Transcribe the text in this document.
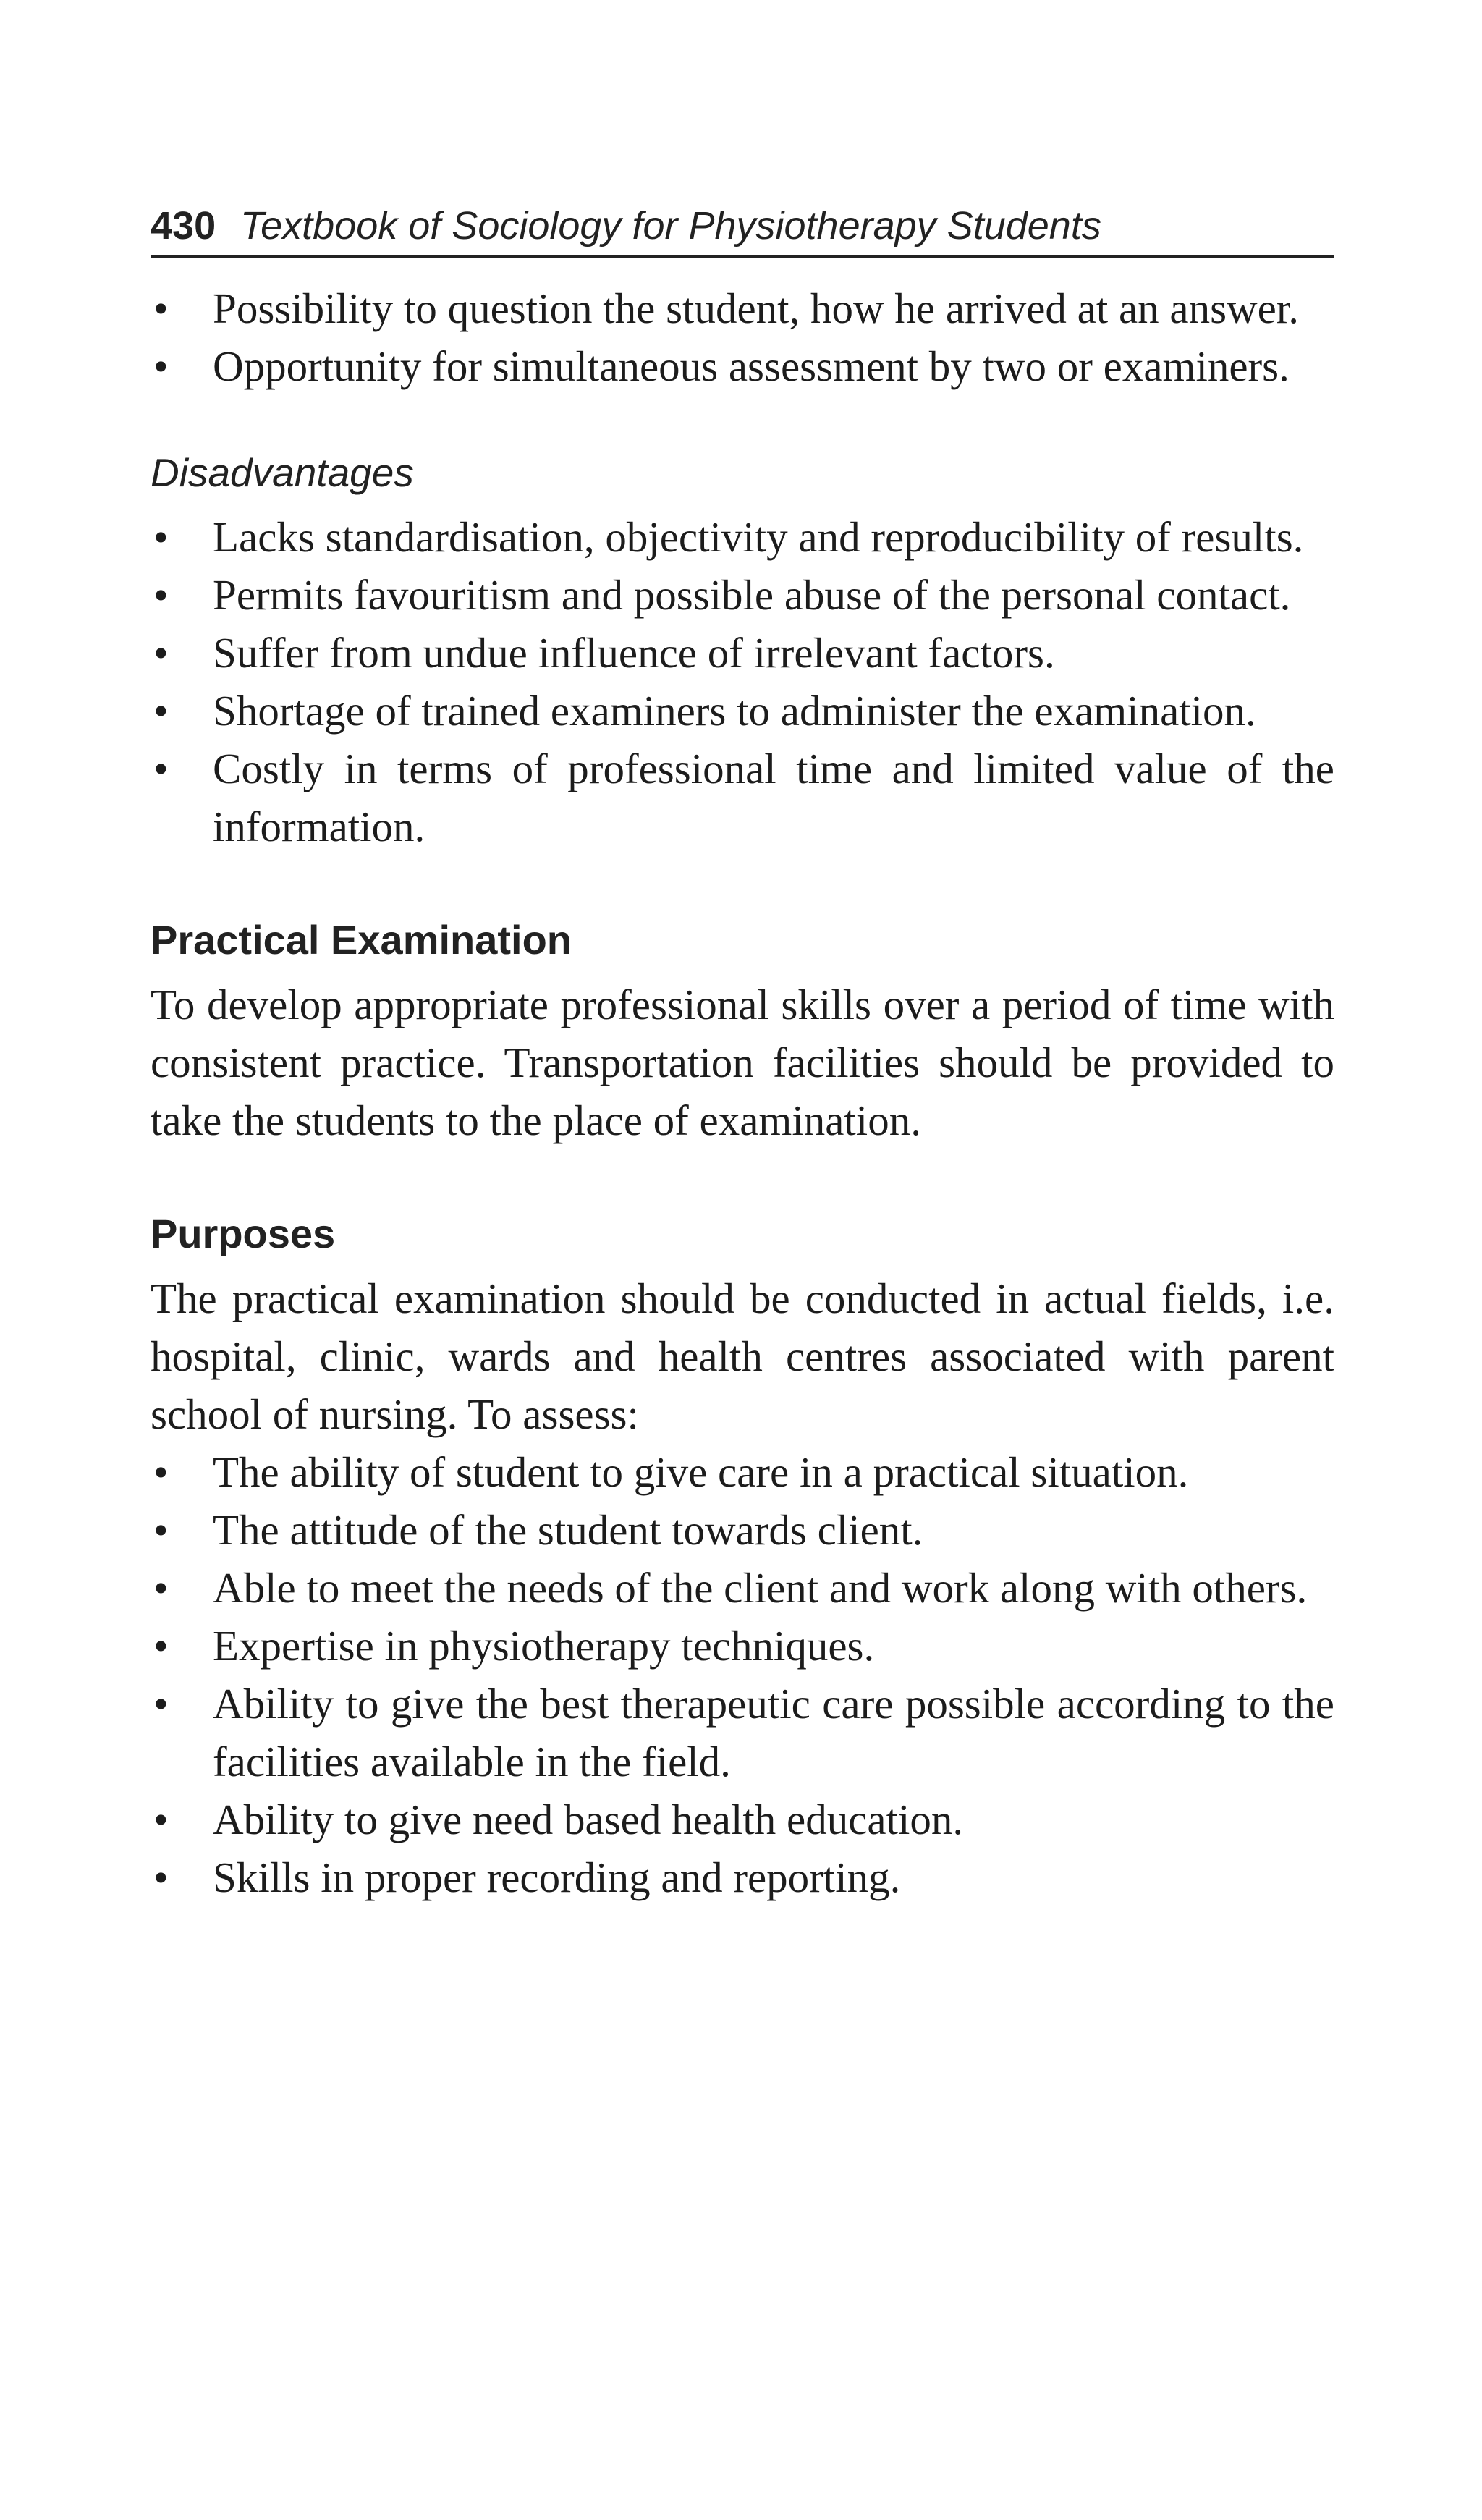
430 Textbook of Sociology for Physiotherapy Students
• Possibility to question the student, how he arrived at an answer.
• Opportunity for simultaneous assessment by two or examiners.
Disadvantages
• Lacks standardisation, objectivity and reproducibility of results.
• Permits favouritism and possible abuse of the personal contact.
• Suffer from undue influence of irrelevant factors.
• Shortage of trained examiners to administer the examination.
• Costly in terms of professional time and limited value of the information.
Practical Examination

To develop appropriate professional skills over a period of time with consistent practice. Transportation facilities should be provided to take the students to the place of examination.

Purposes

The practical examination should be conducted in actual fields, i.e. hospital, clinic, wards and health centres associated with parent school of nursing. To assess:

• The ability of student to give care in a practical situation.
• The attitude of the student towards client.
• Able to meet the needs of the client and work along with others.
• Expertise in physiotherapy techniques.
• Ability to give the best therapeutic care possible according to the facilities available in the field.
• Ability to give need based health education.
• Skills in proper recording and reporting.
